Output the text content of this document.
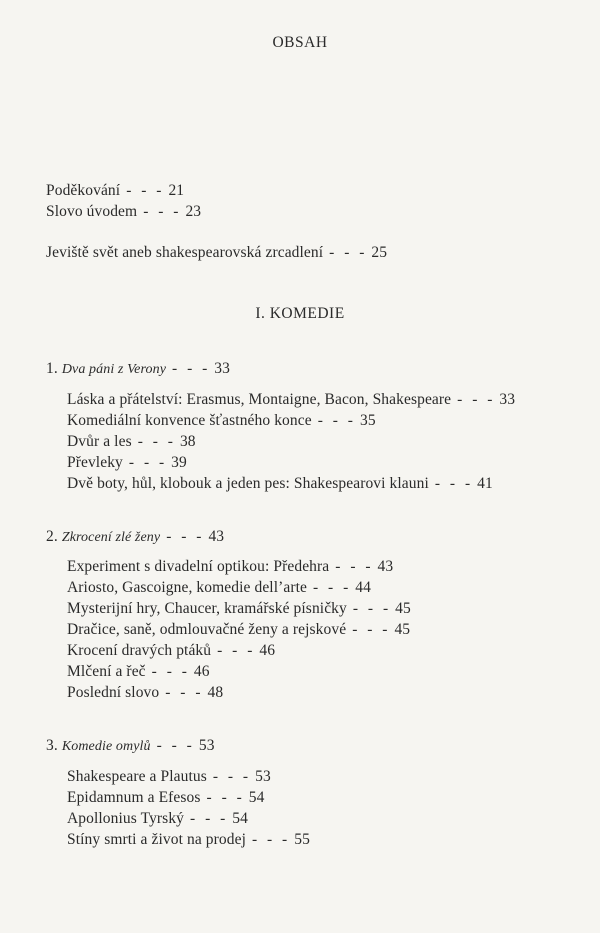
OBSAH
Poděkování - - - 21
Slovo úvodem - - - 23
Jeviště svět aneb shakespearovská zrcadlení - - - 25
I. KOMEDIE
1. Dva páni z Verony - - - 33
Láska a přátelství: Erasmus, Montaigne, Bacon, Shakespeare - - - 33
Komediální konvence šťastného konce - - - 35
Dvůr a les - - - 38
Převleky - - - 39
Dvě boty, hůl, klobouk a jeden pes: Shakespearovi klauni - - - 41
2. Zkrocení zlé ženy - - - 43
Experiment s divadelní optikou: Předehra - - - 43
Ariosto, Gascoigne, komedie dell’arte - - - 44
Mysterijní hry, Chaucer, kramářské písničky - - - 45
Dračice, saně, odmlouvačné ženy a rejskové - - - 45
Krocení dravých ptáků - - - 46
Mlčení a řeč - - - 46
Poslední slovo - - - 48
3. Komedie omylů - - - 53
Shakespeare a Plautus - - - 53
Epidamnum a Efesos - - - 54
Apollonius Tyrský - - - 54
Stíny smrti a život na prodej - - - 55
